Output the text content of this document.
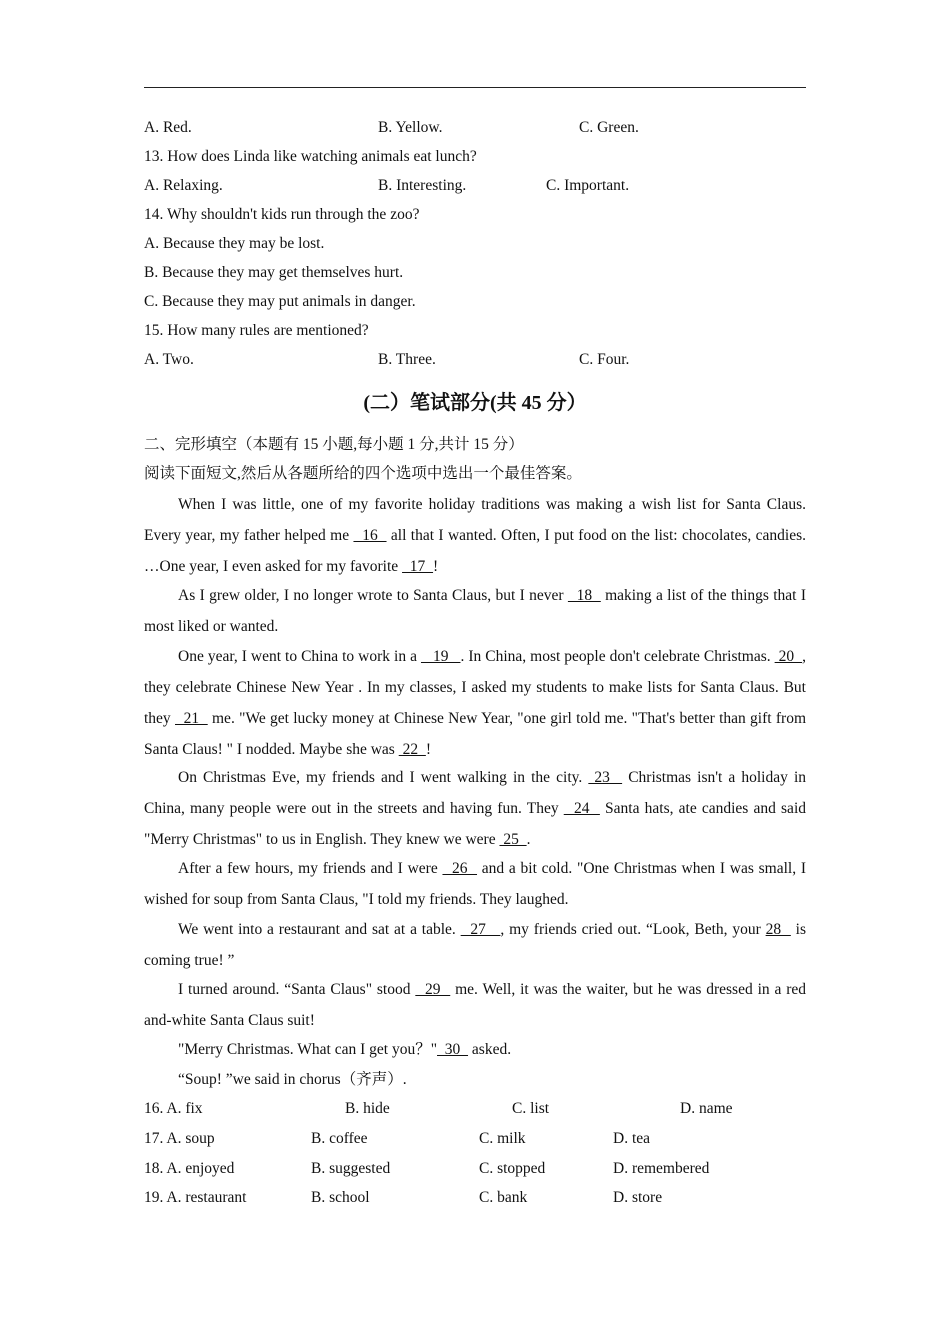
A. Red.	B. Yellow.	C. Green.
13. How does Linda like watching animals eat lunch?
A. Relaxing.	B. Interesting.	C. Important.
14. Why shouldn't kids run through the zoo?
A. Because they may be lost.
B. Because they may get themselves hurt.
C. Because they may put animals in danger.
15. How many rules are mentioned?
A. Two.	B. Three.	C. Four.
(二）笔试部分(共 45 分）
二、完形填空（本题有 15 小题,每小题 1 分,共计 15 分）
阅读下面短文,然后从各题所给的四个选项中选出一个最佳答案。
When I was little, one of my favorite holiday traditions was making a wish list for Santa Claus. Every year, my father helped me   16   all that I wanted. Often, I put food on the list: chocolates, candies. …One year, I even asked for my favorite   17  !
As I grew older, I no longer wrote to Santa Claus, but I never   18   making a list of the things that I most liked or wanted.
One year, I went to China to work in a    19   . In China, most people don't celebrate Christmas.  20  , they celebrate Chinese New Year . In my classes, I asked my students to make lists for Santa Claus. But they   21   me. "We get lucky money at Chinese New Year, "one girl told me. "That's better than gift from Santa Claus! " I nodded. Maybe she was  22  !
On Christmas Eve, my friends and I went walking in the city.  23   Christmas isn't a holiday in China, many people were out in the streets and having fun. They   24   Santa hats, ate candies and said "Merry Christmas" to us in English. They knew we were  25  .
After a few hours, my friends and I were   26   and a bit cold. "One Christmas when I was small, I wished for soup from Santa Claus, "I told my friends. They laughed.
We went into a restaurant and sat at a table.   27   , my friends cried out. “Look, Beth, your 28   is coming true! ”
I turned around. “Santa Claus" stood   29   me. Well, it was the waiter, but he was dressed in a red and-white Santa Claus suit!
"Merry Christmas. What can I get you？"  30   asked.
“Soup! ”we said in chorus（齐声）.
16. A. fix	B. hide	C. list	D. name
17. A. soup	B. coffee	C. milk	D. tea
18. A. enjoyed	B. suggested	C. stopped	D. remembered
19. A. restaurant	B. school	C. bank	D. store
